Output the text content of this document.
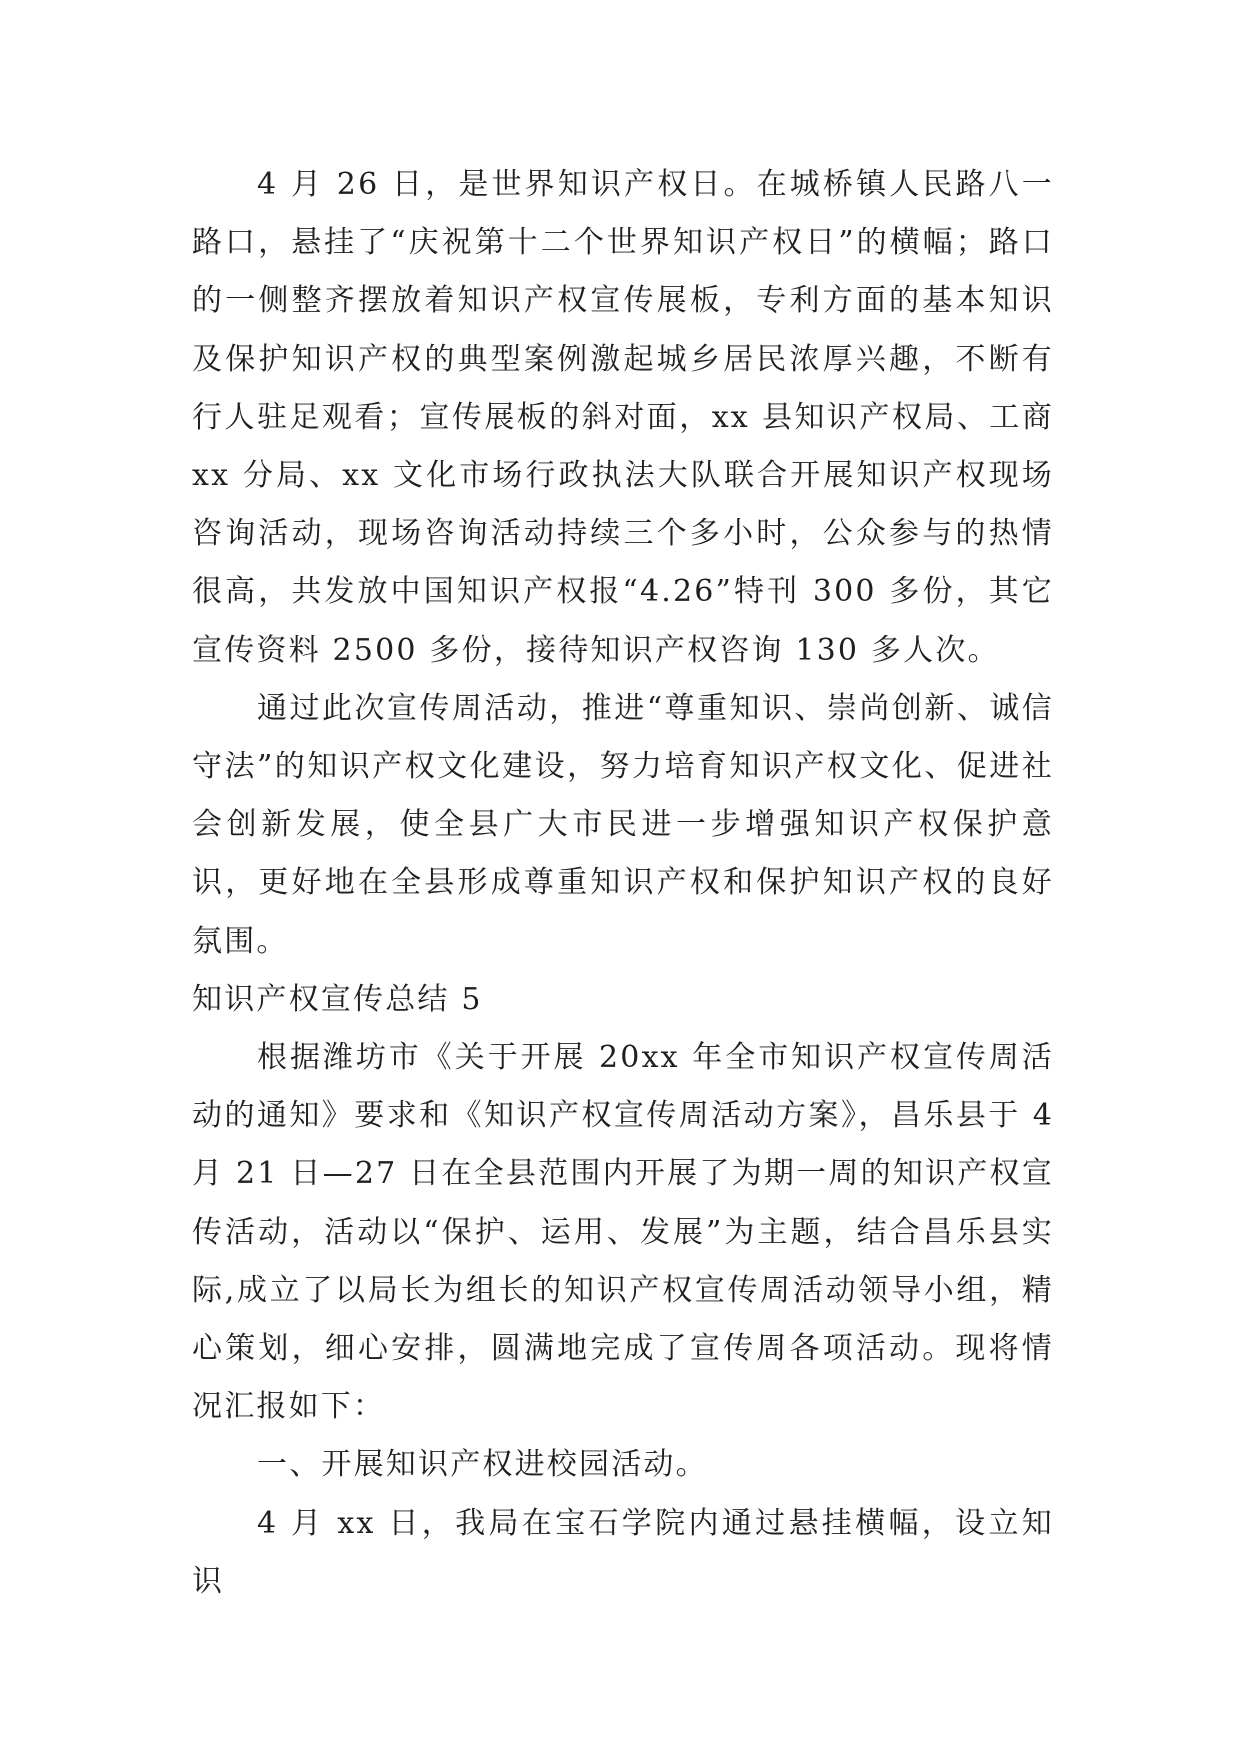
4 月 26 日，是世界知识产权日。在城桥镇人民路八一路口，悬挂了“庆祝第十二个世界知识产权日”的横幅；路口的一侧整齐摆放着知识产权宣传展板，专利方面的基本知识及保护知识产权的典型案例激起城乡居民浓厚兴趣，不断有行人驻足观看；宣传展板的斜对面，xx 县知识产权局、工商 xx 分局、xx 文化市场行政执法大队联合开展知识产权现场咨询活动，现场咨询活动持续三个多小时，公众参与的热情很高，共发放中国知识产权报“4.26”特刊 300 多份，其它宣传资料 2500 多份，接待知识产权咨询 130 多人次。

通过此次宣传周活动，推进“尊重知识、崇尚创新、诚信守法”的知识产权文化建设，努力培育知识产权文化、促进社会创新发展，使全县广大市民进一步增强知识产权保护意识，更好地在全县形成尊重知识产权和保护知识产权的良好氛围。

知识产权宣传总结 5

根据潍坊市《关于开展 20xx 年全市知识产权宣传周活动的通知》要求和《知识产权宣传周活动方案》，昌乐县于 4 月 21 日—27 日在全县范围内开展了为期一周的知识产权宣传活动，活动以“保护、运用、发展”为主题，结合昌乐县实际,成立了以局长为组长的知识产权宣传周活动领导小组，精心策划，细心安排，圆满地完成了宣传周各项活动。现将情况汇报如下：

一、开展知识产权进校园活动。

4 月 xx 日，我局在宝石学院内通过悬挂横幅，设立知识
